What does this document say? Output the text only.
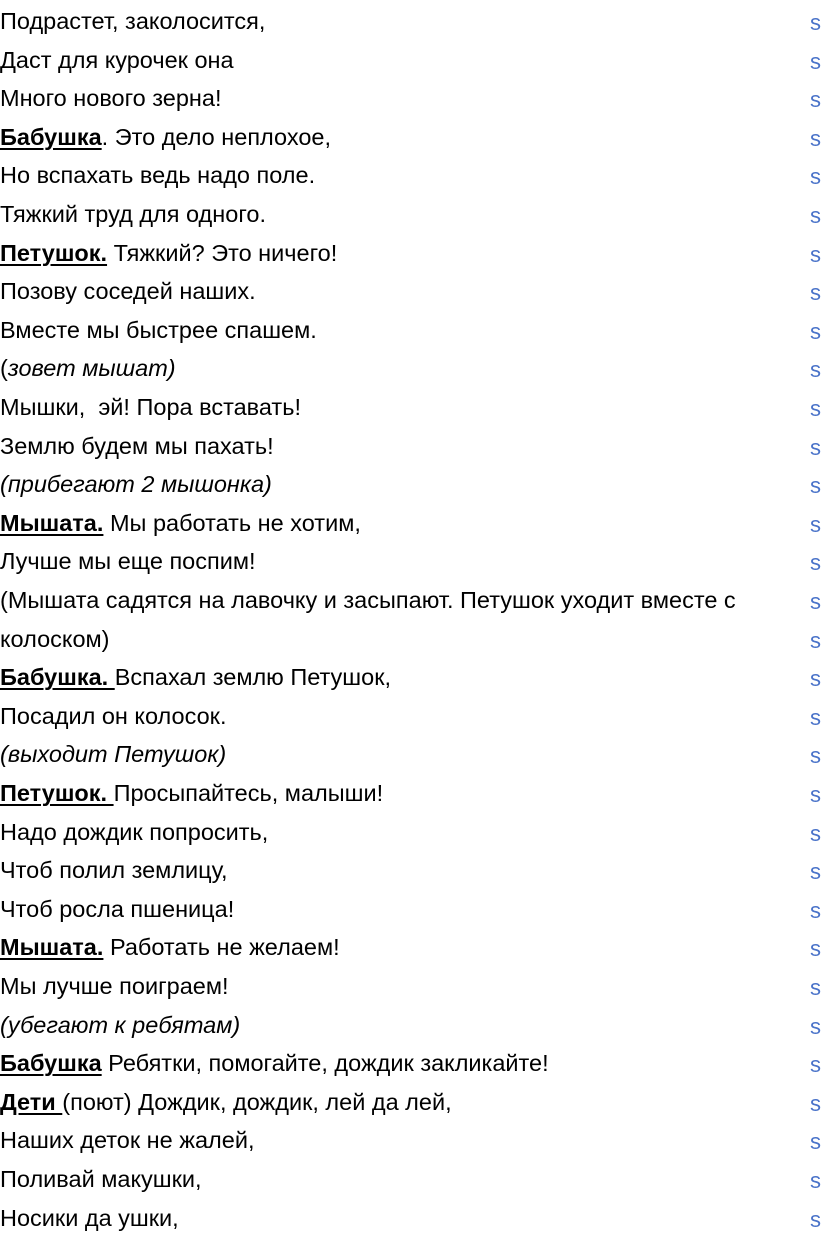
Подрастет, заколосится,
Даст для курочек она
Много нового зерна!
Бабушка. Это дело неплохое,
Но вспахать ведь надо поле.
Тяжкий труд для одного.
Петушок. Тяжкий? Это ничего!
Позову соседей наших.
Вместе мы быстрее спашем.
(зовет мышат)
Мышки,  эй! Пора вставать!
Землю будем мы пахать!
(прибегают 2 мышонка)
Мышата. Мы работать не хотим,
Лучше мы еще поспим!
(Мышата садятся на лавочку и засыпают. Петушок уходит вместе с
колоском)
Бабушка. Вспахал землю Петушок,
Посадил он колосок.
(выходит Петушок)
Петушок. Просыпайтесь, малыши!
Надо дождик попросить,
Чтоб полил землицу,
Чтоб росла пшеница!
Мышата. Работать не желаем!
Мы лучше поиграем!
(убегают к ребятам)
Бабушка Ребятки, помогайте, дождик закликайте!
Дети (поют) Дождик, дождик, лей да лей,
Наших деток не жалей,
Поливай макушки,
Носики да ушки,
s
s
s
s
s
s
s
s
s
s
s
s
s
s
s
s
s
s
s
s
s
s
s
s
s
s
s
s
s
s
s
s
